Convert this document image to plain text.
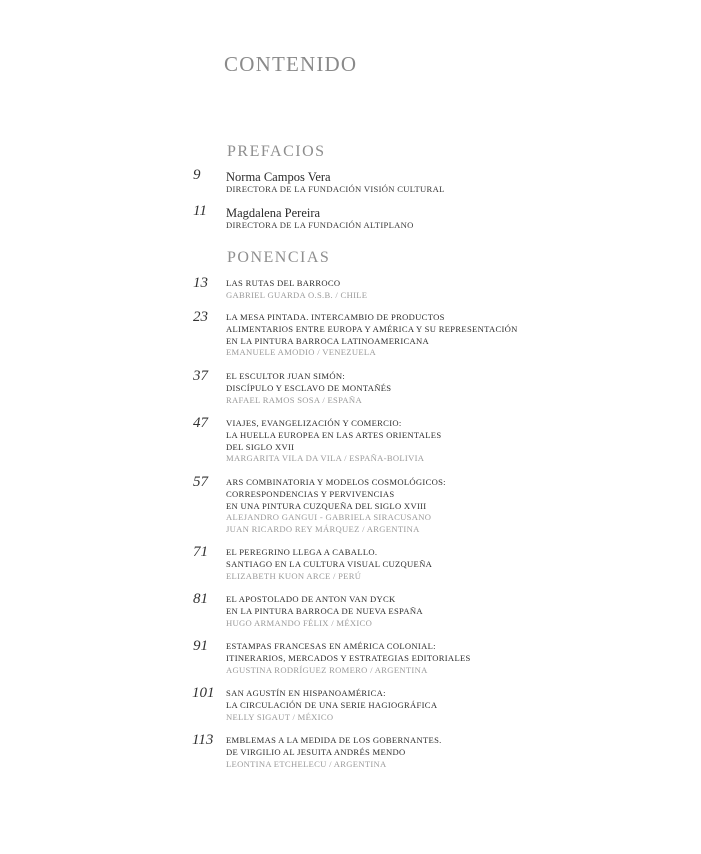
CONTENIDO
PREFACIOS
9 Norma Campos Vera
DIRECTORA DE LA FUNDACIÓN VISIÓN CULTURAL
11 Magdalena Pereira
DIRECTORA DE LA FUNDACIÓN ALTIPLANO
PONENCIAS
13 LAS RUTAS DEL BARROCO
GABRIEL GUARDA O.S.B. / CHILE
23 LA MESA PINTADA. INTERCAMBIO DE PRODUCTOS
ALIMENTARIOS ENTRE EUROPA Y AMÉRICA Y SU REPRESENTACIÓN
EN LA PINTURA BARROCA LATINOAMERICANA
EMANUELE AMODIO / VENEZUELA
37 EL ESCULTOR JUAN SIMÓN:
DISCÍPULO Y ESCLAVO DE MONTAÑÉS
RAFAEL RAMOS SOSA / ESPAÑA
47 VIAJES, EVANGELIZACIÓN Y COMERCIO:
LA HUELLA EUROPEA EN LAS ARTES ORIENTALES
DEL SIGLO XVII
MARGARITA VILA DA VILA / ESPAÑA-BOLIVIA
57 ARS COMBINATORIA Y MODELOS COSMOLÓGICOS:
CORRESPONDENCIAS Y PERVIVENCIAS
EN UNA PINTURA CUZQUEÑA DEL SIGLO XVIII
ALEJANDRO GANGUI - GABRIELA SIRACUSANO
JUAN RICARDO REY MÁRQUEZ / ARGENTINA
71 EL PEREGRINO LLEGA A CABALLO.
SANTIAGO EN LA CULTURA VISUAL CUZQUEÑA
ELIZABETH KUON ARCE / PERÚ
81 EL APOSTOLADO DE ANTON VAN DYCK
EN LA PINTURA BARROCA DE NUEVA ESPAÑA
HUGO ARMANDO FÉLIX / MÉXICO
91 ESTAMPAS FRANCESAS EN AMÉRICA COLONIAL:
ITINERARIOS, MERCADOS Y ESTRATEGIAS EDITORIALES
AGUSTINA RODRÍGUEZ ROMERO / ARGENTINA
101 SAN AGUSTÍN EN HISPANOAMÉRICA:
LA CIRCULACIÓN DE UNA SERIE HAGIOGRÁFICA
NELLY SIGAUT / MÉXICO
113 EMBLEMAS A LA MEDIDA DE LOS GOBERNANTES.
DE VIRGILIO AL JESUITA ANDRÉS MENDO
LEONTINA ETCHELECU / ARGENTINA
